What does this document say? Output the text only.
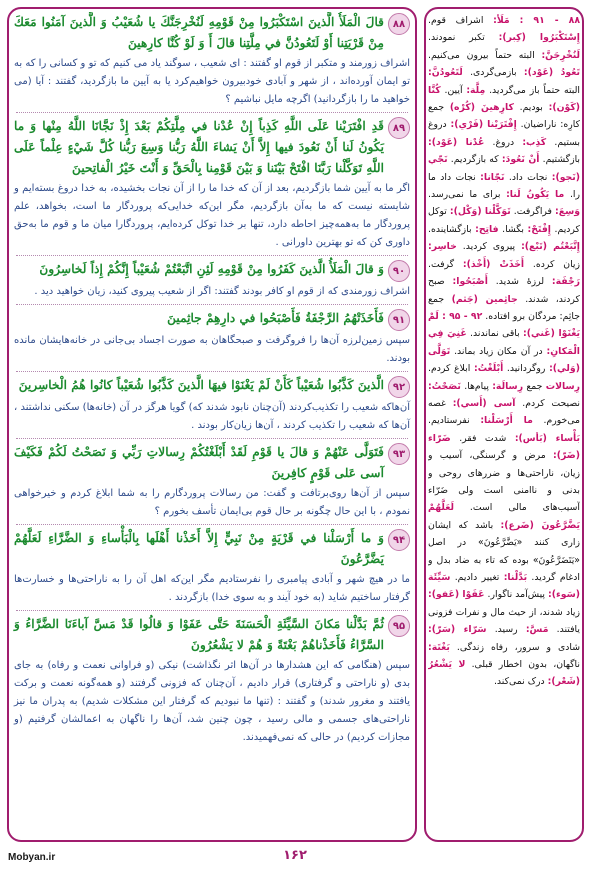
۸۸
قالَ الْمَلَأُ الَّذينَ اسْتَكْبَرُوا مِنْ قَوْمِهِ لَنُخْرِجَنَّكَ يا شُعَيْبُ وَ الَّذينَ آمَنُوا مَعَكَ مِنْ قَرْيَتِنا أَوْ لَتَعُودُنَّ في مِلَّتِنا قالَ أَ وَ لَوْ كُنَّا كارِهينَ
اشراف زورمند و متکبر از قوم او گفتند : ای شعیب ، سوگند یاد می کنیم که تو و کسانی را که به تو ایمان آورده‌اند ، از شهر و آبادی خودبیرون خواهیم‌کرد یا به آیین ما بازگردید، گفتند : آیا (می خواهید ما را بازگردانید) اگرچه مایل نباشیم ؟
۸۹
قَدِ افْتَرَيْنا عَلَى اللَّهِ كَذِباً إِنْ عُدْنا في مِلَّتِكُمْ بَعْدَ إِذْ نَجَّانَا اللَّهُ مِنْها وَ ما يَكُونُ لَنا أَنْ نَعُودَ فيها إِلاَّ أَنْ يَشاءَ اللَّهُ رَبُّنا وَسِعَ رَبُّنا كُلَّ شَيْءٍ عِلْماً عَلَى اللَّهِ تَوَكَّلْنا رَبَّنَا افْتَحْ بَيْنَنا وَ بَيْنَ قَوْمِنا بِالْحَقِّ وَ أَنْتَ خَيْرُ الْفاتِحينَ
اگر ما به آیین شما بازگردیم، بعد از آن که خدا ما را از آن نجات بخشیده، به خدا دروغ بسته‌ایم و شایسته نیست که ما به‌آن بازگردیم، مگر این‌که خدایی‌که پروردگار ما است، بخواهد، علم پروردگار ما به‌همه‌چیز احاطه دارد، تنها بر خدا توکل کرده‌ایم، پروردگارا میان ما و قوم ما به‌حق داوری کن که تو بهترین داورانی .
۹۰
وَ قالَ الْمَلَأُ الَّذينَ كَفَرُوا مِنْ قَوْمِهِ لَئِنِ اتَّبَعْتُمْ شُعَيْباً إِنَّكُمْ إِذاً لَخاسِرُونَ
اشراف زورمندی که از قوم او کافر بودند گفتند: اگر از شعیب پیروی کنید، زیان خواهید دید .
۹۱
فَأَخَذَتْهُمُ الرَّجْفَةُ فَأَصْبَحُوا في دارِهِمْ جاثِمينَ
سپس زمین‌لرزه آن‌ها را فروگرفت و صبحگاهان به صورت اجساد بی‌جانی در خانه‌هایشان مانده بودند.
۹۲
الَّذينَ كَذَّبُوا شُعَيْباً كَأَنْ لَمْ يَغْنَوْا فيهَا الَّذينَ كَذَّبُوا شُعَيْباً كانُوا هُمُ الْخاسِرينَ
آن‌هاکه شعیب را تکذیب‌کردند (آن‌چنان نابود شدند که) گویا هرگز در آن (خانه‌ها) سکنی نداشتند ، آن‌ها که شعیب را تکذیب کردند ، آن‌ها زیان‌کار بودند .
۹۳
فَتَوَلَّى عَنْهُمْ وَ قالَ يا قَوْمِ لَقَدْ أَبْلَغْتُكُمْ رِسالاتِ رَبِّي وَ نَصَحْتُ لَكُمْ فَكَيْفَ آسى عَلى قَوْمٍ كافِرينَ
سپس از آن‌ها روی‌برتافت و گفت: من رسالات پروردگارم را به شما ابلاغ کردم و خیرخواهی نمودم ، با این حال چگونه بر حال قوم بی‌ایمان تأسف بخورم ؟
۹۴
وَ ما أَرْسَلْنا في قَرْيَةٍ مِنْ نَبِيٍّ إِلاَّ أَخَذْنا أَهْلَها بِالْبَأْساءِ وَ الضَّرَّاءِ لَعَلَّهُمْ يَضَّرَّعُونَ
ما در هیچ شهر و آبادی پیامبری را نفرستادیم مگر این‌که اهل آن را به ناراحتی‌ها و خسارت‌ها گرفتار ساختیم شاید (به خود آیند و به سوی خدا) بازگردند .
۹۵
ثُمَّ بَدَّلْنا مَكانَ السَّيِّئَةِ الْحَسَنَةَ حَتَّى عَفَوْا وَ قالُوا قَدْ مَسَّ آباءَنَا الضَّرَّاءُ وَ السَّرَّاءُ فَأَخَذْناهُمْ بَغْتَةً وَ هُمْ لا يَشْعُرُونَ
سپس (هنگامی که این هشدارها در آن‌ها اثر نگذاشت) نیکی (و فراوانی نعمت و رفاه) به جای بدی (و ناراحتی و گرفتاری) قرار دادیم ، آن‌چنان که فزونی گرفتند (و همه‌گونه نعمت و برکت یافتند و مغرور شدند) و گفتند : (تنها ما نبودیم که گرفتار این مشکلات شدیم) به پدران ما نیز ناراحتی‌های جسمی و مالی رسید ، چون چنین شد، آن‌ها را ناگهان به اعمالشان گرفتیم (و مجازات کردیم) در حالی که نمی‌فهمیدند.
۸۸ - ۹۱ : مَلَأ: اشراف قوم. إِسْتَكْبَرُوا (كِبر): تکبر نمودند. لَنُخْرِجَنَّ: البته حتماً بیرون می‌کنیم. تَعُودُ (عَوْد): بازمی‌گردی. لَتَعُودُنَّ: البته حتماً باز می‌گردید. مِلَّة: آیین. كُنَّا (كَوْن): بودیم. كارِهينَ (كُرْه) جمع كارِه: ناراضیان. إِفْتَرَيْنا (فَرْي): دروغ بستیم. كَذِب: دروغ. عُدْنا (عَوْد): بازگشتیم. أَنْ نَعُودَ: که بازگردیم. نَجّي (نَجو): نجات داد. نَجّانا: نجات داد ما را. ما يَكُونُ لَنا: برای ما نمی‌رسد. وَسِعَ: فراگرفت. تَوَكَّلْنا (وَكْل): توکل کردیم. إِفْتَحْ: بگشا. فاتِح: بازگشاینده. إِتَّبَعْتُم (تَبْع): پیروی کردید. خاسِر: زیان کرده. أَخَذَتْ (أَخْذ): گرفت. رَجْفَة: لرزهٔ شدید. أَصْبَحُوا: صبح کردند، شدند. جاثِمين (جَثم) جمع جاثِم: مردگان برو افتاده. ۹۲ - ۹۵ : لَمْ يَغْنَوْا (غَني): باقی نماندند. غَنِيَ فِي الْمَكانِ: در آن مکان زیاد بماند. تَوَلَّى (وَلي): روگردانید. أَبْلَغْتُ: ابلاغ کردم. رِسالات جمع رِسالَة: پیام‌ها. نَصَحْتُ: نصیحت کردم. آسى (أَسي): غصه می‌خورم. ما أَرْسَلْنا: نفرستادیم. بَأْساء (بَأس): شدت فقر. ضَرّاء (ضَرّ): مرض و گرسنگی، آسیب و زیان، ناراحتی‌ها و ضررهای روحی و بدنی و ناامنی است ولی ضَرّاء آسیب‌های مالی است. لَعَلَّهُمْ يَضَّرَّعُونَ (ضَرع): باشد که ایشان زاری کنند «يَضَّرَّعُونَ» در اصل «يَتَضَرَّعُونَ» بوده که تاء به ضاد بدل و ادغام گردید. بَدَّلْنا: تغییر دادیم. سَيِّئَة (سَوء): پیش‌آمد ناگوار. عَفَوْا (عَفو): زیاد شدند، از حیث مال و نفرات فزونی یافتند. مَسَّ: رسید. سَرّاء (سَرّ): شادی و سرور، رفاه زندگی. بَغْتَة: ناگهان، بدون اخطار قبلی. لا يَشْعُرُ (شَعْر): درک نمی‌کند.
۱۶۲
Mobyan.ir
